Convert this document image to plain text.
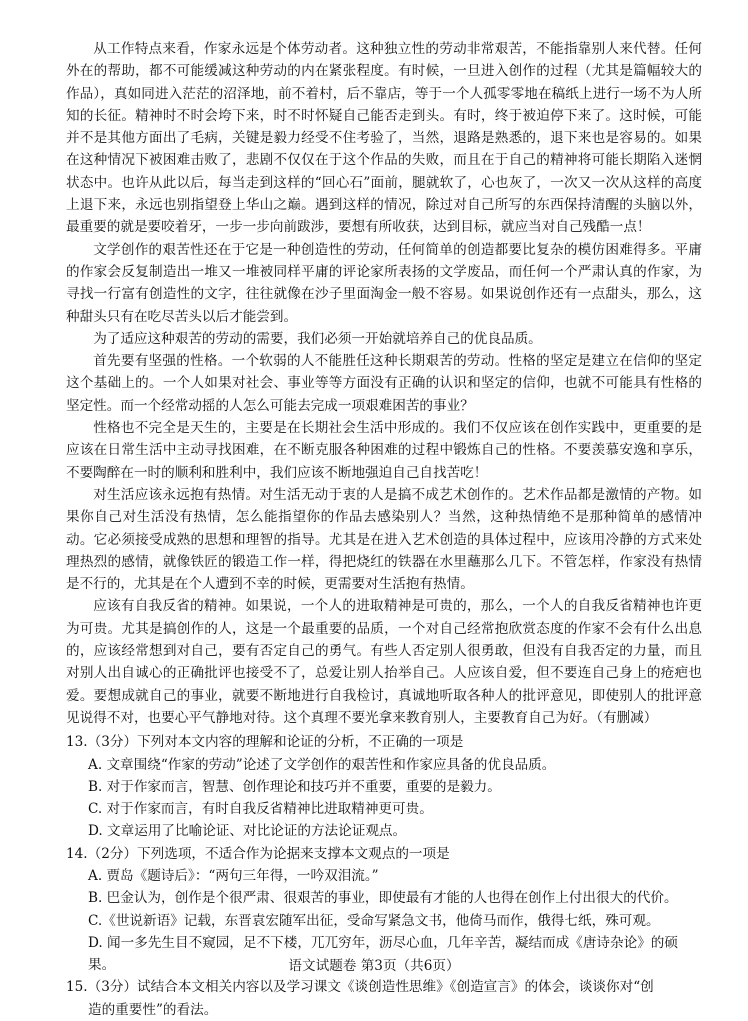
从工作特点来看，作家永远是个体劳动者。这种独立性的劳动非常艰苦，不能指靠别人来代替。任何外在的帮助，都不可能缓减这种劳动的内在紧张程度。有时候，一旦进入创作的过程（尤其是篇幅较大的作品），真如同进入茫茫的沼泽地，前不着村，后不靠店，等于一个人孤零零地在稿纸上进行一场不为人所知的长征。精神时不时会垮下来，时不时怀疑自己能否走到头。有时，终于被迫停下来了。这时候，可能并不是其他方面出了毛病，关键是毅力经受不住考验了，当然，退路是熟悉的，退下来也是容易的。如果在这种情况下被困难击败了，悲剧不仅仅在于这个作品的失败，而且在于自己的精神将可能长期陷入迷惘状态中。也许从此以后，每当走到这样的“回心石”面前，腿就软了，心也灰了，一次又一次从这样的高度上退下来，永远也别指望登上华山之巅。遇到这样的情况，除过对自己所写的东西保持清醒的头脑以外，最重要的就是要咬着牙，一步一步向前跋涉，要想有所收获，达到目标，就应当对自己残酷一点！

文学创作的艰苦性还在于它是一种创造性的劳动，任何简单的创造都要比复杂的模仿困难得多。平庸的作家会反复制造出一堆又一堆被同样平庸的评论家所表扬的文学废品，而任何一个严肃认真的作家，为寻找一行富有创造性的文字，往往就像在沙子里面淘金一般不容易。如果说创作还有一点甜头，那么，这种甜头只有在吃尽苦头以后才能尝到。

为了适应这种艰苦的劳动的需要，我们必须一开始就培养自己的优良品质。

首先要有坚强的性格。一个软弱的人不能胜任这种长期艰苦的劳动。性格的坚定是建立在信仰的坚定这个基础上的。一个人如果对社会、事业等等方面没有正确的认识和坚定的信仰，也就不可能具有性格的坚定性。而一个经常动摇的人怎么可能去完成一项艰难困苦的事业？

性格也不完全是天生的，主要是在长期社会生活中形成的。我们不仅应该在创作实践中，更重要的是应该在日常生活中主动寻找困难，在不断克服各种困难的过程中锻炼自己的性格。不要羡慕安逸和享乐，不要陶醉在一时的顺利和胜利中，我们应该不断地强迫自己自找苦吃！

对生活应该永远抱有热情。对生活无动于衷的人是搞不成艺术创作的。艺术作品都是激情的产物。如果你自己对生活没有热情，怎么能指望你的作品去感染别人？当然，这种热情绝不是那种简单的感情冲动。它必须接受成熟的思想和理智的指导。尤其是在进入艺术创造的具体过程中，应该用冷静的方式来处理热烈的感情，就像铁匠的锻造工作一样，得把烧红的铁器在水里蘸那么几下。不管怎样，作家没有热情是不行的，尤其是在个人遭到不幸的时候，更需要对生活抱有热情。

应该有自我反省的精神。如果说，一个人的进取精神是可贵的，那么，一个人的自我反省精神也许更为可贵。尤其是搞创作的人，这是一个最重要的品质，一个对自己经常抱欣赏态度的作家不会有什么出息的，应该经常想到对自己，要有否定自己的勇气。有些人否定别人很勇敢，但没有自我否定的力量，而且对别人出自诚心的正确批评也接受不了，总爱让别人抬举自己。人应该自爱，但不要连自己身上的疮疤也爱。要想成就自己的事业，就要不断地进行自我检讨，真诚地听取各种人的批评意见，即使别人的批评意见说得不对，也要心平气静地对待。这个真理不要光拿来教育别人，主要教育自己为好。（有删减）

13.（3分）下列对本文内容的理解和论证的分析，不正确的一项是

A. 文章围绕“作家的劳动”论述了文学创作的艰苦性和作家应具备的优良品质。

B. 对于作家而言，智慧、创作理论和技巧并不重要，重要的是毅力。

C. 对于作家而言，有时自我反省精神比进取精神更可贵。

D. 文章运用了比喻论证、对比论证的方法论证观点。

14.（2分）下列选项，不适合作为论据来支撑本文观点的一项是

A. 贾岛《题诗后》：“两句三年得，一吟双泪流。”

B. 巴金认为，创作是个很严肃、很艰苦的事业，即使最有才能的人也得在创作上付出很大的代价。

C.《世说新语》记载，东晋袁宏随军出征，受命写紧急文书，他倚马而作，俄得七纸，殊可观。

D. 闻一多先生目不窥园，足不下楼，兀兀穷年，沥尽心血，几年辛苦，凝结而成《唐诗杂论》的硕果。

15.（3分）试结合本文相关内容以及学习课文《谈创造性思维》《创造宣言》的体会，谈谈你对“创

造的重要性”的看法。

语文试题卷 第3页（共6页）
